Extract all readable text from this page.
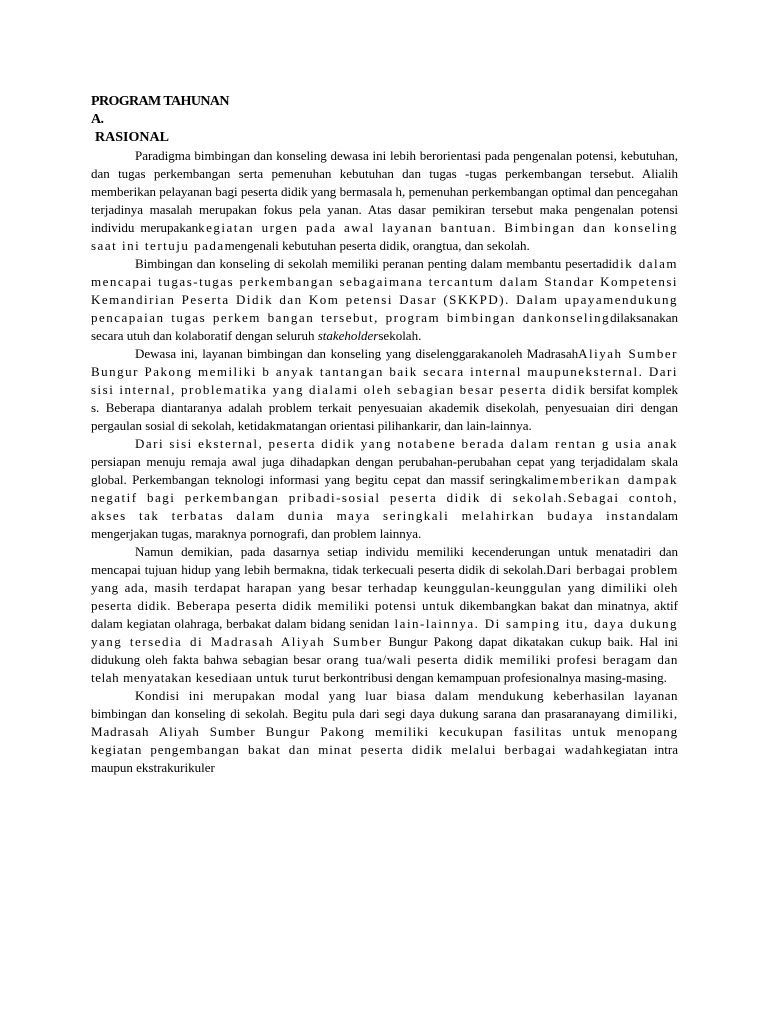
PROGRAM TAHUNAN

A.

RASIONAL

Paradigma bimbingan dan konseling dewasa ini lebih berorientasi pada pengenalan potensi, kebutuhan, dan tugas perkembangan serta pemenuhan kebutuhan dan tugas -tugas perkembangan tersebut. Alialih memberikan pelayanan bagi peserta didik yang bermasala h, pemenuhan perkembangan optimal dan pencegahan terjadinya masalah merupakan fokus pela yanan. Atas dasar pemikiran tersebut maka pengenalan potensi individu merupakankegiatan urgen pada awal layanan bantuan. Bimbingan dan konseling saat ini tertuju padamengenali kebutuhan peserta didik, orangtua, dan sekolah.

Bimbingan dan konseling di sekolah memiliki peranan penting dalam membantu pesertadidik dalam mencapai tugas-tugas perkembangan sebagaimana tercantum dalam Standar Kompetensi Kemandirian Peserta Didik dan Kom petensi Dasar (SKKPD). Dalam upayamendukung pencapaian tugas perkem bangan tersebut, program bimbingan dankonselingdilaksanakan secara utuh dan kolaboratif dengan seluruh stakeholdersekolah.

Dewasa ini, layanan bimbingan dan konseling yang diselenggarakanoleh MadrasahAliyah Sumber Bungur Pakong memiliki b anyak tantangan baik secara internal maupuneksternal. Dari sisi internal, problematika yang dialami oleh sebagian besar peserta didik bersifat komplek s. Beberapa diantaranya adalah problem terkait penyesuaian akademik disekolah, penyesuaian diri dengan pergaulan sosial di sekolah, ketidakmatangan orientasi pilihankarir, dan lain-lainnya.

Dari sisi eksternal, peserta didik yang notabene berada dalam rentan g usia anak persiapan menuju remaja awal juga dihadapkan dengan perubahan-perubahan cepat yang terjadidalam skala global. Perkembangan teknologi informasi yang begitu cepat dan massif seringkalimemberikan dampak negatif bagi perkembangan pribadi-sosial peserta didik di sekolah.Sebagai contoh, akses tak terbatas dalam dunia maya seringkali melahirkan budaya instandalam mengerjakan tugas, maraknya pornografi, dan problem lainnya.

Namun demikian, pada dasarnya setiap individu memiliki kecenderungan untuk menatadiri dan mencapai tujuan hidup yang lebih bermakna, tidak terkecuali peserta didik di sekolah.Dari berbagai problem yang ada, masih terdapat harapan yang besar terhadap keunggulan-keunggulan yang dimiliki oleh peserta didik. Beberapa peserta didik memiliki potensi untuk dikembangkan bakat dan minatnya, aktif dalam kegiatan olahraga, berbakat dalam bidang senidan lain-lainnya. Di samping itu, daya dukung yang tersedia di Madrasah Aliyah Sumber Bungur Pakong dapat dikatakan cukup baik. Hal ini didukung oleh fakta bahwa sebagian besar orang tua/wali peserta didik memiliki profesi beragam dan telah menyatakan kesediaan untuk turut berkontribusi dengan kemampuan profesionalnya masing-masing.

Kondisi ini merupakan modal yang luar biasa dalam mendukung keberhasilan layanan bimbingan dan konseling di sekolah. Begitu pula dari segi daya dukung sarana dan prasaranayang dimiliki, Madrasah Aliyah Sumber Bungur Pakong memiliki kecukupan fasilitas untuk menopang kegiatan pengembangan bakat dan minat peserta didik melalui berbagai wadahkegiatan intra maupun ekstrakurikuler
